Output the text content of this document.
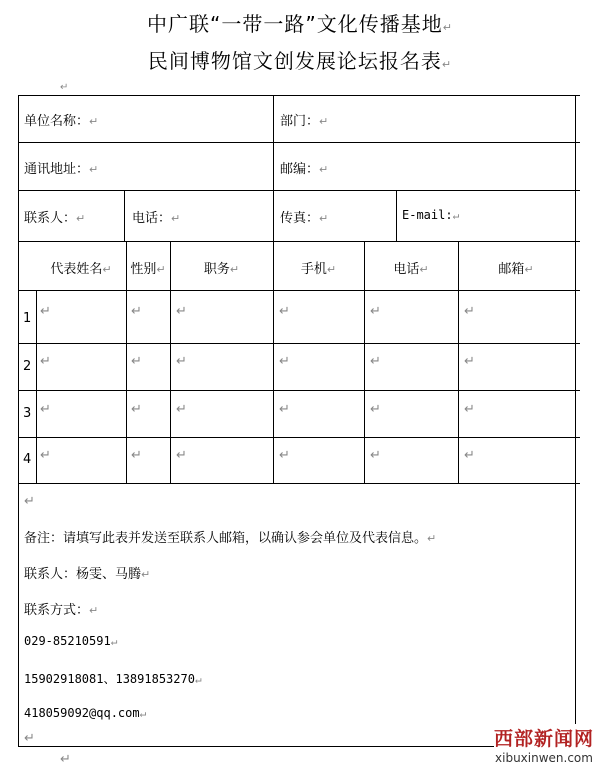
中广联“一带一路”文化传播基地↵
民间博物馆文创发展论坛报名表↵
↵
单位名称：↵	部门：↵
通讯地址：↵	邮编：↵
联系人：↵	电话：↵	传真：↵	E-mail:↵
代表姓名↵	性别↵	职务↵	手机↵	电话↵	邮箱↵
1 ↵	↵	↵	↵	↵	↵
2 ↵	↵	↵	↵	↵	↵
3 ↵	↵	↵	↵	↵	↵
4 ↵	↵	↵	↵	↵	↵
↵
备注：请填写此表并发送至联系人邮箱，以确认参会单位及代表信息。↵
联系人：杨雯、马腾↵
联系方式：↵
029-85210591↵
15902918081、13891853270↵
418059092@qq.com↵
↵
↵
西部新闻网
xibuxinwen.com
